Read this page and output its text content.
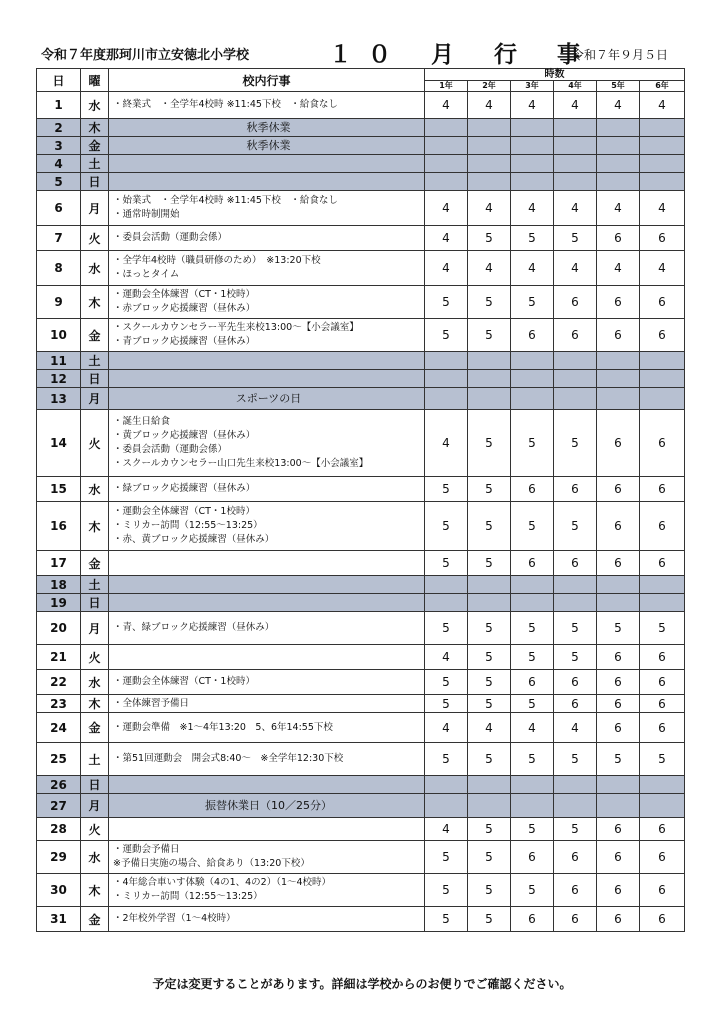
令和７年度那珂川市立安徳北小学校	１０ 月 行 事
令和７年９月５日
日	曜	校内行事	時数					
			1年	2年	3年	4年	5年	6年
1	水	・終業式　・全学年4校時 ※11:45下校　・給食なし	4	4	4	4	4	4
2	木	秋季休業						

3	金	秋季休業						

4	土							
5	日							
6	月	・始業式　・全学年4校時 ※11:45下校　・給食なし
・通常時制開始	4	4	4	4	4	4
7	火	・委員会活動（運動会係）	4	5	5	5	6	6
8	水	・全学年4校時（職員研修のため）　※13:20下校
・ほっとタイム	4	4	4	4	4	4
9	木	・運動会全体練習（CT・1校時）
・赤ブロック応援練習（昼休み）	5	5	5	6	6	6
10	金	・スクールカウンセラー平先生来校13:00～【小会議室】
・青ブロック応援練習（昼休み）	5	5	6	6	6	6
11	土							
12	日							
13	月	スポーツの日						

14	火	・誕生日給食
・黄ブロック応援練習（昼休み）
・委員会活動（運動会係）
・スクールカウンセラー山口先生来校13:00～【小会議室】	4	5	5	5	6	6
15	水	・緑ブロック応援練習（昼休み）	5	5	6	6	6	6
16	木	・運動会全体練習（CT・1校時）
・ミリカー訪問（12:55～13:25）
・赤、黄ブロック応援練習（昼休み）	5	5	5	5	6	6
17	金		5	5	6	6	6	6
18	土							
19	日							
20	月	・青、緑ブロック応援練習（昼休み）	5	5	5	5	5	5
21	火		4	5	5	5	6	6
22	水	・運動会全体練習（CT・1校時）	5	5	6	6	6	6
23	木	・全体練習予備日	5	5	5	6	6	6
24	金	・運動会準備　※1～4年13:20　5、6年14:55下校	4	4	4	4	6	6
25	土	・第51回運動会　開会式8:40～　※全学年12:30下校	5	5	5	5	5	5
26	日							
27	月	振替休業日（10／25分）						

28	火		4	5	5	5	6	6
29	水	・運動会予備日
※予備日実施の場合、給食あり（13:20下校）	5	5	6	6	6	6
30	木	・4年総合車いす体験（4の1、4の2）（1～4校時）
・ミリカー訪問（12:55～13:25）	5	5	5	6	6	6
31	金	・2年校外学習（1～4校時）	5	5	6	6	6	6
予定は変更することがあります。詳細は学校からのお便りでご確認ください。
